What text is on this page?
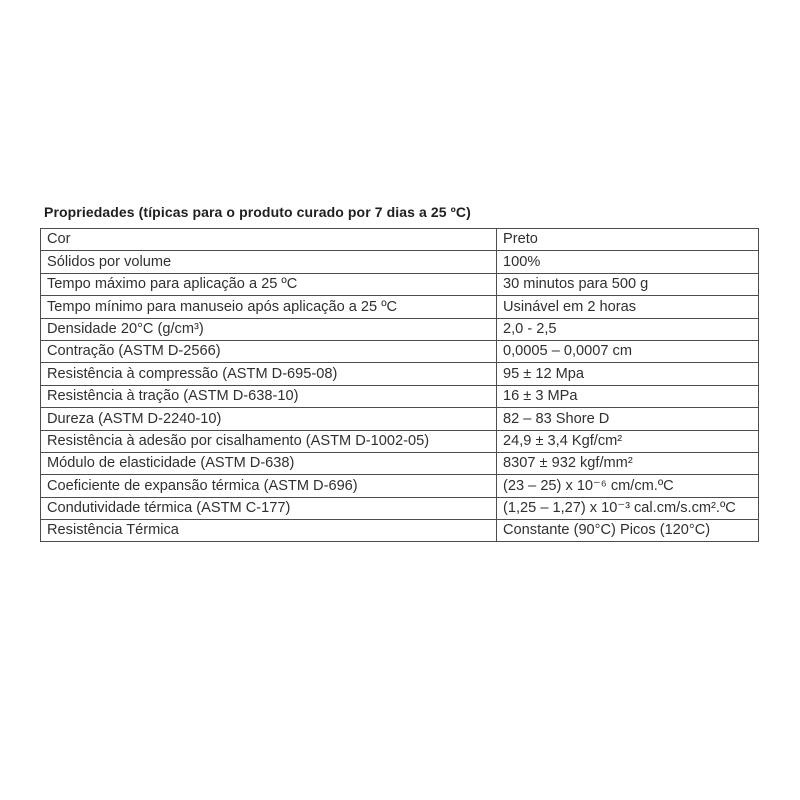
Propriedades (típicas para o produto curado por 7 dias a 25 ºC)
Cor	Preto
Sólidos por volume	100%
Tempo máximo para aplicação a 25 ºC	30 minutos para 500 g
Tempo mínimo para manuseio após aplicação a 25 ºC	Usinável em 2 horas
Densidade 20°C (g/cm³)	2,0 - 2,5
Contração (ASTM D-2566)	0,0005 – 0,0007 cm
Resistência à compressão (ASTM D-695-08)	95 ± 12 Mpa
Resistência à tração (ASTM D-638-10)	16 ± 3 MPa
Dureza (ASTM D-2240-10)	82 – 83 Shore D
Resistência à adesão por cisalhamento (ASTM D-1002-05)	24,9 ± 3,4 Kgf/cm²
Módulo de elasticidade (ASTM D-638)	8307 ± 932 kgf/mm²
Coeficiente de expansão térmica (ASTM D-696)	(23 – 25) x 10⁻⁶ cm/cm.ºC
Condutividade térmica (ASTM C-177)	(1,25 – 1,27) x 10⁻³ cal.cm/s.cm².ºC
Resistência Térmica	Constante (90°C) Picos (120°C)
